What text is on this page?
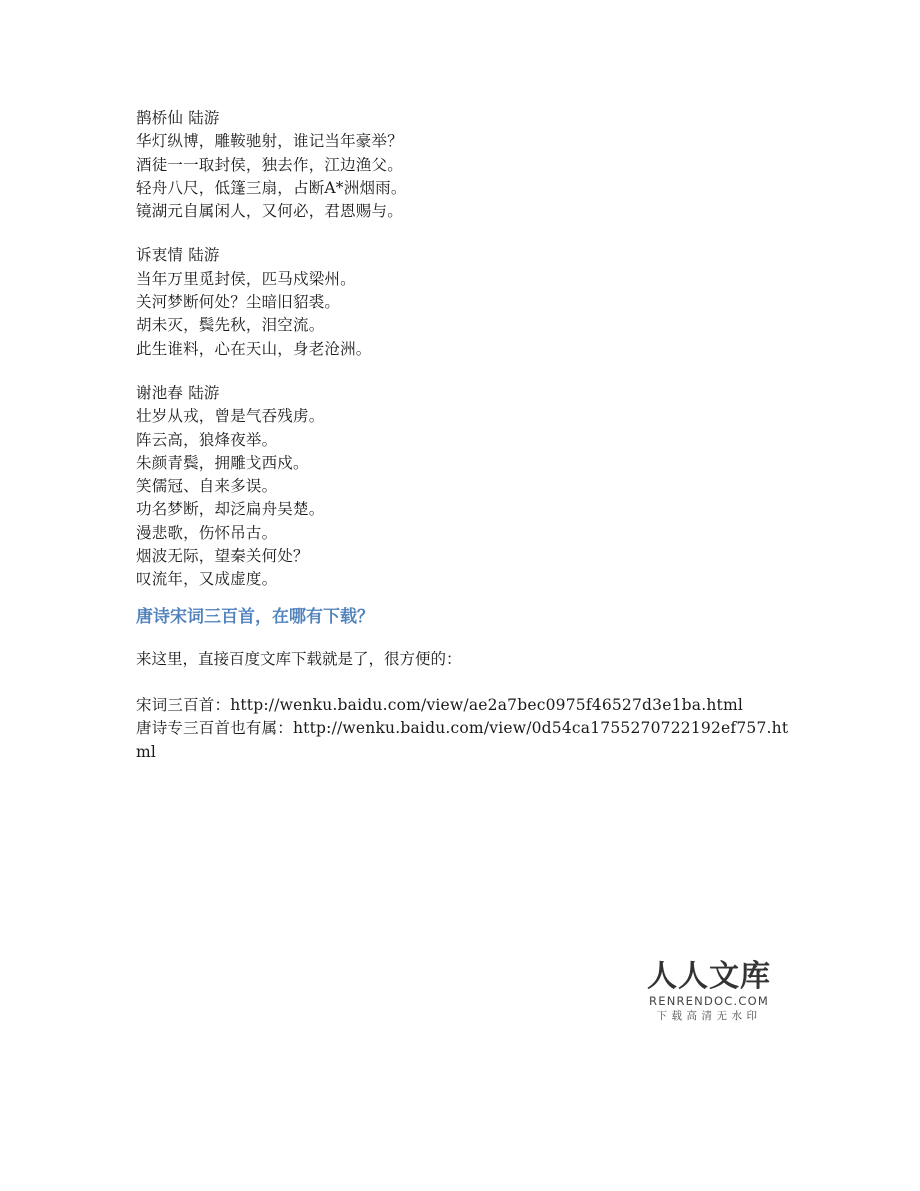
鹊桥仙 陆游
华灯纵博，雕鞍驰射，谁记当年豪举？
酒徒一一取封侯，独去作，江边渔父。
轻舟八尺，低篷三扇，占断A*洲烟雨。
镜湖元自属闲人，又何必，君恩赐与。
诉衷情 陆游
当年万里觅封侯，匹马戍梁州。
关河梦断何处？尘暗旧貂裘。
胡未灭，鬓先秋，泪空流。
此生谁料，心在天山，身老沧洲。
谢池春 陆游
壮岁从戎，曾是气吞残虏。
阵云高，狼烽夜举。
朱颜青鬓，拥雕戈西戍。
笑儒冠、自来多误。
功名梦断，却泛扁舟吴楚。
漫悲歌，伤怀吊古。
烟波无际，望秦关何处？
叹流年，又成虚度。
唐诗宋词三百首，在哪有下载？
来这里，直接百度文库下载就是了，很方便的：
宋词三百首：http://wenku.baidu.com/view/ae2a7bec0975f46527d3e1ba.html
唐诗专三百首也有属：http://wenku.baidu.com/view/0d54ca1755270722192ef757.html
人人文库
RENRENDOC.COM
下载高清无水印
